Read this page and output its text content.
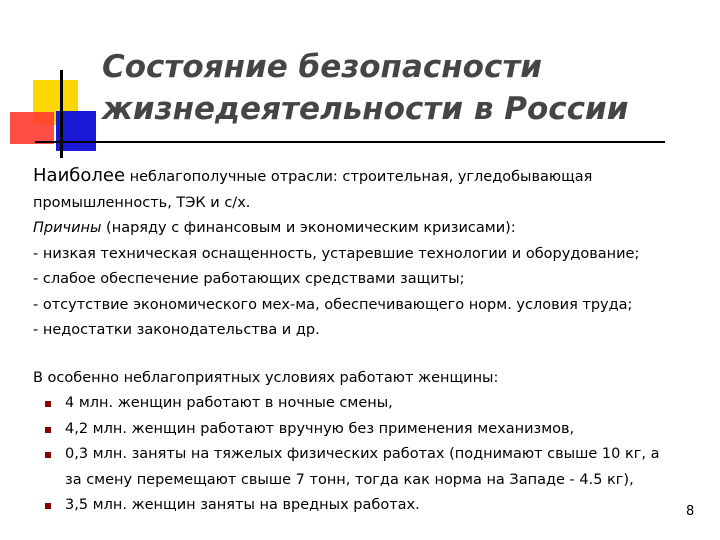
Состояние безопасности
жизнедеятельности в России
Наиболее неблагополучные отрасли: строительная, угледобывающая
промышленность, ТЭК и с/х.
Причины (наряду с финансовым и экономическим кризисами):
- низкая техническая оснащенность, устаревшие технологии и оборудование;
- слабое обеспечение работающих средствами защиты;
- отсутствие экономического мех-ма, обеспечивающего норм. условия труда;
- недостатки законодательства и др.
В особенно неблагоприятных условиях работают женщины:
4 млн. женщин работают в ночные смены,
4,2 млн. женщин работают вручную без применения механизмов,
0,3 млн. заняты на тяжелых физических работах (поднимают свыше 10 кг, а
за смену перемещают свыше 7 тонн, тогда как норма на Западе - 4.5 кг),
3,5 млн. женщин заняты на вредных работах.	8
